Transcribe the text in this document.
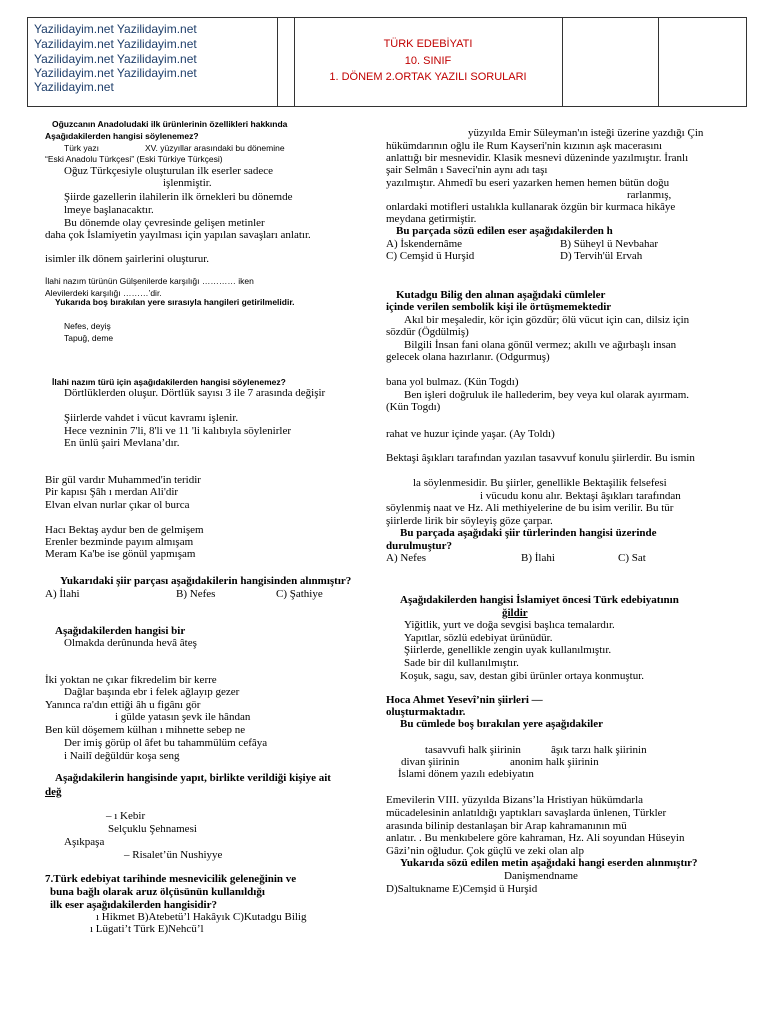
Yazilidayim.net Yazilidayim.net
Yazilidayim.net Yazilidayim.net
Yazilidayim.net Yazilidayim.net
Yazilidayim.net Yazilidayim.net
Yazilidayim.net
TÜRK EDEBİYATI
10. SINIF
1. DÖNEM 2.ORTAK YAZILI SORULARI
Oğuzcanın Anadoludaki ilk ürünlerinin özellikleri hakkında
Aşağıdakilerden hangisi söylenemez?
Türk yazı	XV. yüzyıllar arasındaki bu dönemine
“Eski Anadolu Türkçesi” (Eski Türkiye Türkçesi)
Oğuz Türkçesiyle oluşturulan ilk eserler sadece
işlenmiştir.
Şiirde gazellerin ilahilerin ilk örnekleri bu dönemde
lmeye başlanacaktır.
Bu dönemde olay çevresinde gelişen metinler
daha çok İslamiyetin yayılması için yapılan savaşları anlatır.
isimler ilk dönem şairlerini oluşturur.
İlahi nazım türünün Gülşenilerde karşılığı ………… iken
Alevilerdeki karşılığı ………’dir.
Yukarıda boş bırakılan yere sırasıyla hangileri getirilmelidir.
Nefes, deyiş
Tapuğ, deme
İlahi nazım türü için aşağıdakilerden hangisi söylenemez?
Dörtlüklerden oluşur. Dörtlük sayısı 3 ile 7 arasında değişir
Şiirlerde vahdet i vücut kavramı işlenir.
Hece vezninin 7'li, 8'li ve 11 'li kalıbıyla söylenirler
En ünlü şairi Mevlana’dır.
Bir gül vardır Muhammed'in teridir
Pir kapısı Şâh ı merdan Ali'dir
Elvan elvan nurlar çıkar ol burca
Hacı Bektaş aydur ben de gelmişem
Erenler bezminde payım almışam
Meram Ka'be ise gönül yapmışam
Yukarıdaki şiir parçası aşağıdakilerin hangisinden alınmıştır?
A) İlahi	B) Nefes	C) Şathiye
Aşağıdakilerden hangisi bir
Olmakda derûnunda hevâ âteş
İki yoktan ne çıkar fikredelim bir kerre
Dağlar başında ebr i felek ağlayıp gezer
Yanınca ra'dın ettiği âh u figânı gör
i gülde yatasın şevk ile hândan
Ben kül döşemem külhan ı mihnette sebep ne
Der imiş görüp ol âfet bu tahammülüm cefâya
i Nailî değüldür koşa seng
Aşağıdakilerin hangisinde yapıt, birlikte verildiği kişiye ait
değ
– ı Kebir
Selçuklu Şehnamesi
Aşıkpaşa
– Risalet’ün Nushiyye
7.Türk edebiyat tarihinde mesnevicilik geleneğinin ve
buna bağlı olarak aruz ölçüsünün kullanıldığı
ilk eser aşağıdakilerden hangisidir?
ı Hikmet B)Atebetü’l Hakâyık C)Kutadgu Bilig
ı Lügati’t Türk E)Nehcü’l
yüzyılda Emir Süleyman'ın isteği üzerine yazdığı Çin
hükümdarının oğlu ile Rum Kayseri'nin kızının aşk macerasını
anlattığı bir mesnevidir. Klasik mesnevi düzeninde yazılmıştır. İranlı
şair Selmân ı Saveci'nin aynı adı taşı
yazılmıştır. Ahmedî bu eseri yazarken hemen hemen bütün doğu
rarlanmış,
onlardaki motifleri ustalıkla kullanarak özgün bir kurmaca hikâye
meydana getirmiştir.
Bu parçada sözü edilen eser aşağıdakilerden h
A) İskendernâme	B) Süheyl ü Nevbahar
C) Cemşid ü Hurşid	D) Tervih'ül Ervah
Kutadgu Bilig den alınan aşağıdaki cümleler
içinde verilen sembolik kişi ile örtüşmemektedir
Akıl bir meşaledir, kör için gözdür; ölü vücut için can, dilsiz için
sözdür (Ögdülmiş)
Bilgili İnsan fani olana gönül vermez; akıllı ve ağırbaşlı insan
gelecek olana hazırlanır. (Odgurmuş)
bana yol bulmaz. (Kün Togdı)
Ben işleri doğruluk ile hallederim, bey veya kul olarak ayırmam.
(Kün Togdı)
rahat ve huzur içinde yaşar. (Ay Toldı)
Bektaşi âşıkları tarafından yazılan tasavvuf konulu şiirlerdir. Bu ismin
la söylenmesidir. Bu şiirler, genellikle Bektaşilik felsefesi
i vücudu konu alır. Bektaşi âşıkları tarafından
söylenmiş naat ve Hz. Ali methiyelerine de bu isim verilir. Bu tür
şiirlerde lirik bir söyleyiş göze çarpar.
Bu parçada aşağıdaki şiir türlerinden hangisi üzerinde
durulmuştur?
A) Nefes	B) İlahi	C) Sat
Aşağıdakilerden hangisi İslamiyet öncesi Türk edebiyatının
ğildir
Yiğitlik, yurt ve doğa sevgisi başlıca temalardır.
Yapıtlar, sözlü edebiyat ürünüdür.
Şiirlerde, genellikle zengin uyak kullanılmıştır.
Sade bir dil kullanılmıştır.
Koşuk, sagu, sav, destan gibi ürünler ortaya konmuştur.
Hoca Ahmet Yesevî’nin şiirleri —
oluşturmaktadır.
Bu cümlede boş bırakılan yere aşağıdakiler
tasavvufi halk şiirinin	âşık tarzı halk şiirinin
divan şiirinin	anonim halk şiirinin
İslami dönem yazılı edebiyatın
Emevilerin VIII. yüzyılda Bizans’la Hristiyan hükümdarla
mücadelesinin anlatıldığı yaptıkları savaşlarda ünlenen, Türkler
arasında bilinip destanlaşan bir Arap kahramanının mü
anlatır. . Bu menkıbelere göre kahraman, Hz. Ali soyundan Hüseyin
Gâzi’nin oğludur. Çok güçlü ve zeki olan alp
Yukarıda sözü edilen metin aşağıdaki hangi eserden alınmıştır?
Danişmendname
D)Saltukname E)Cemşid ü Hurşid
